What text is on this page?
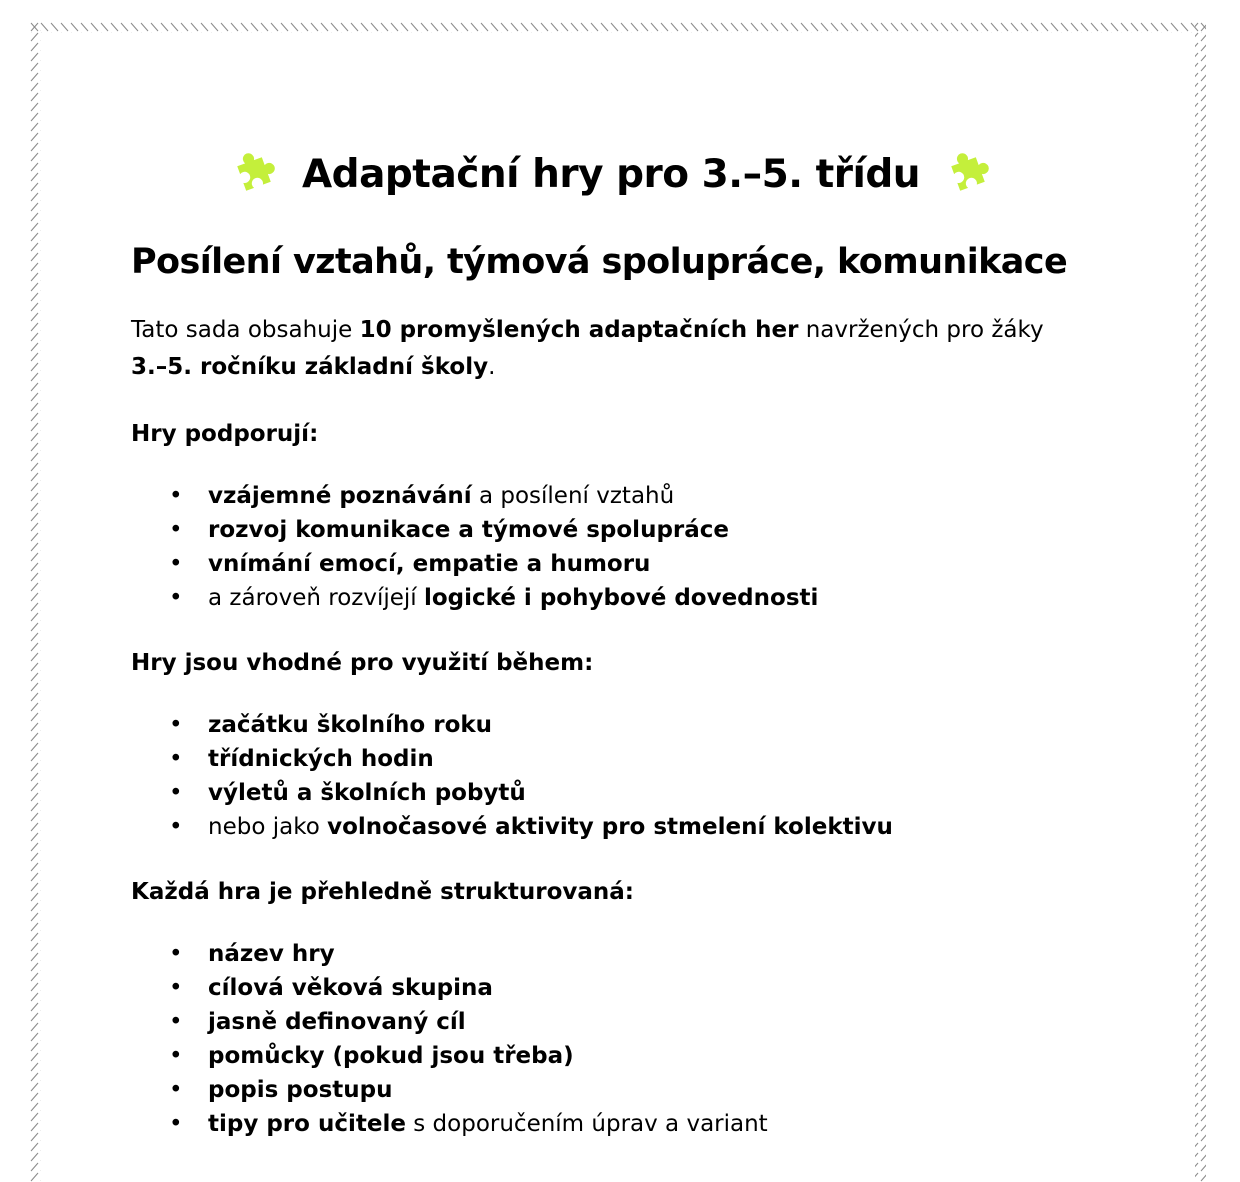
Adaptační hry pro 3.–5. třídu
Posílení vztahů, týmová spolupráce, komunikace

Tato sada obsahuje 10 promyšlených adaptačních her navržených pro žáky 3.–5. ročníku základní školy.

Hry podporují:
• vzájemné poznávání a posílení vztahů
• rozvoj komunikace a týmové spolupráce
• vnímání emocí, empatie a humoru
• a zároveň rozvíjejí logické i pohybové dovednosti
Hry jsou vhodné pro využití během:
• začátku školního roku
• třídnických hodin
• výletů a školních pobytů
• nebo jako volnočasové aktivity pro stmelení kolektivu
Každá hra je přehledně strukturovaná:
• název hry
• cílová věková skupina
• jasně definovaný cíl
• pomůcky (pokud jsou třeba)
• popis postupu
• tipy pro učitele s doporučením úprav a variant
